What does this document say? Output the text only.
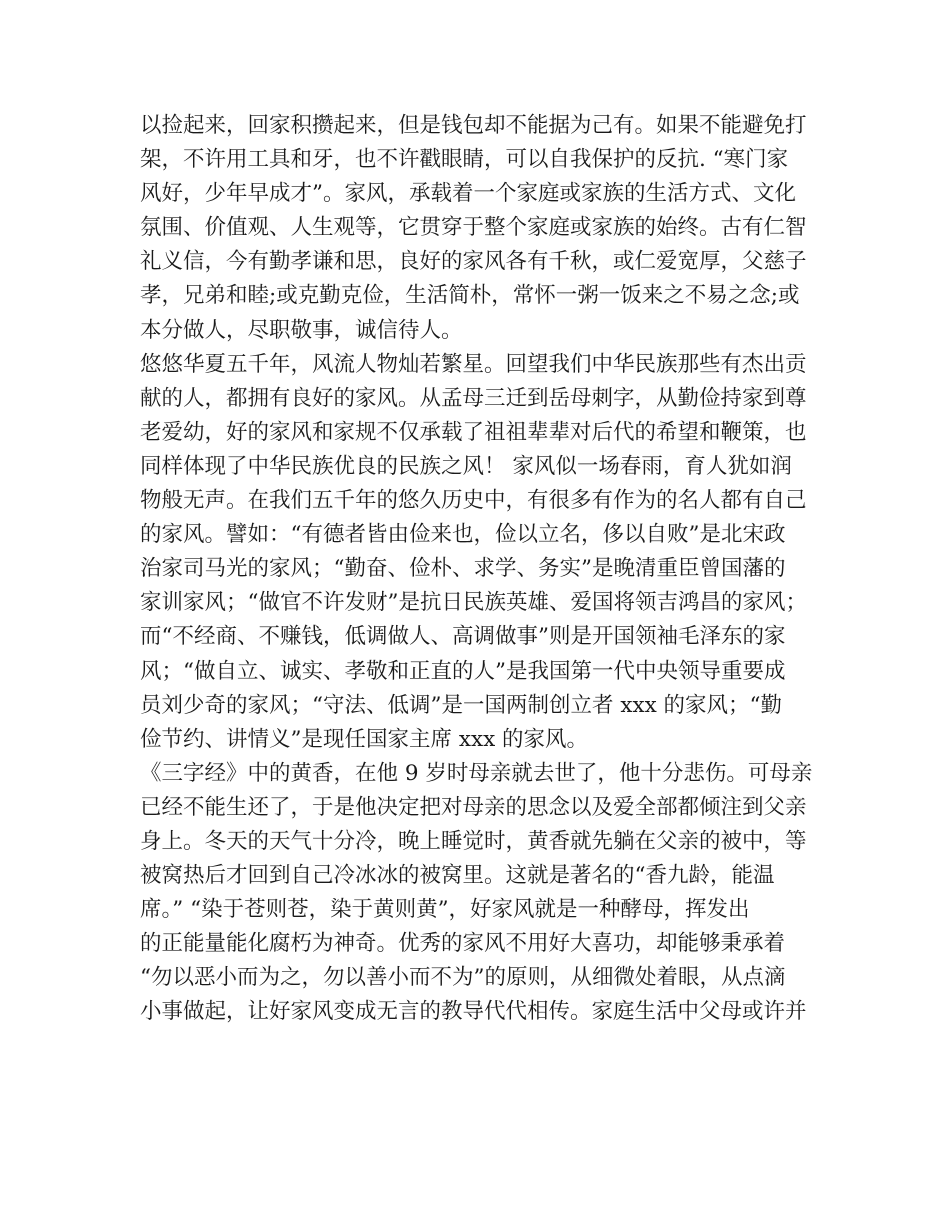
以捡起来，回家积攒起来，但是钱包却不能据为己有。如果不能避免打
架，不许用工具和牙，也不许戳眼睛，可以自我保护的反抗. “寒门家
风好，少年早成才”。家风，承载着一个家庭或家族的生活方式、文化
氛围、价值观、人生观等，它贯穿于整个家庭或家族的始终。古有仁智
礼义信，今有勤孝谦和思，良好的家风各有千秋，或仁爱宽厚，父慈子
孝，兄弟和睦;或克勤克俭，生活简朴，常怀一粥一饭来之不易之念;或
本分做人，尽职敬事，诚信待人。
悠悠华夏五千年，风流人物灿若繁星。回望我们中华民族那些有杰出贡
献的人，都拥有良好的家风。从孟母三迁到岳母刺字，从勤俭持家到尊
老爱幼，好的家风和家规不仅承载了祖祖辈辈对后代的希望和鞭策，也
同样体现了中华民族优良的民族之风！ 家风似一场春雨，育人犹如润
物般无声。在我们五千年的悠久历史中，有很多有作为的名人都有自己
的家风。譬如：“有德者皆由俭来也，俭以立名，侈以自败”是北宋政
治家司马光的家风；“勤奋、俭朴、求学、务实”是晚清重臣曾国藩的
家训家风；“做官不许发财”是抗日民族英雄、爱国将领吉鸿昌的家风；
而“不经商、不赚钱，低调做人、高调做事”则是开国领袖毛泽东的家
风；“做自立、诚实、孝敬和正直的人”是我国第一代中央领导重要成
员刘少奇的家风；“守法、低调”是一国两制创立者 xxx 的家风；“勤
俭节约、讲情义”是现任国家主席 xxx 的家风。
《三字经》中的黄香，在他 9 岁时母亲就去世了，他十分悲伤。可母亲
已经不能生还了，于是他决定把对母亲的思念以及爱全部都倾注到父亲
身上。冬天的天气十分冷，晚上睡觉时，黄香就先躺在父亲的被中，等
被窝热后才回到自己冷冰冰的被窝里。这就是著名的“香九龄，能温
席。” “染于苍则苍，染于黄则黄”，好家风就是一种酵母，挥发出
的正能量能化腐朽为神奇。优秀的家风不用好大喜功，却能够秉承着
“勿以恶小而为之，勿以善小而不为”的原则，从细微处着眼，从点滴
小事做起，让好家风变成无言的教导代代相传。家庭生活中父母或许并
